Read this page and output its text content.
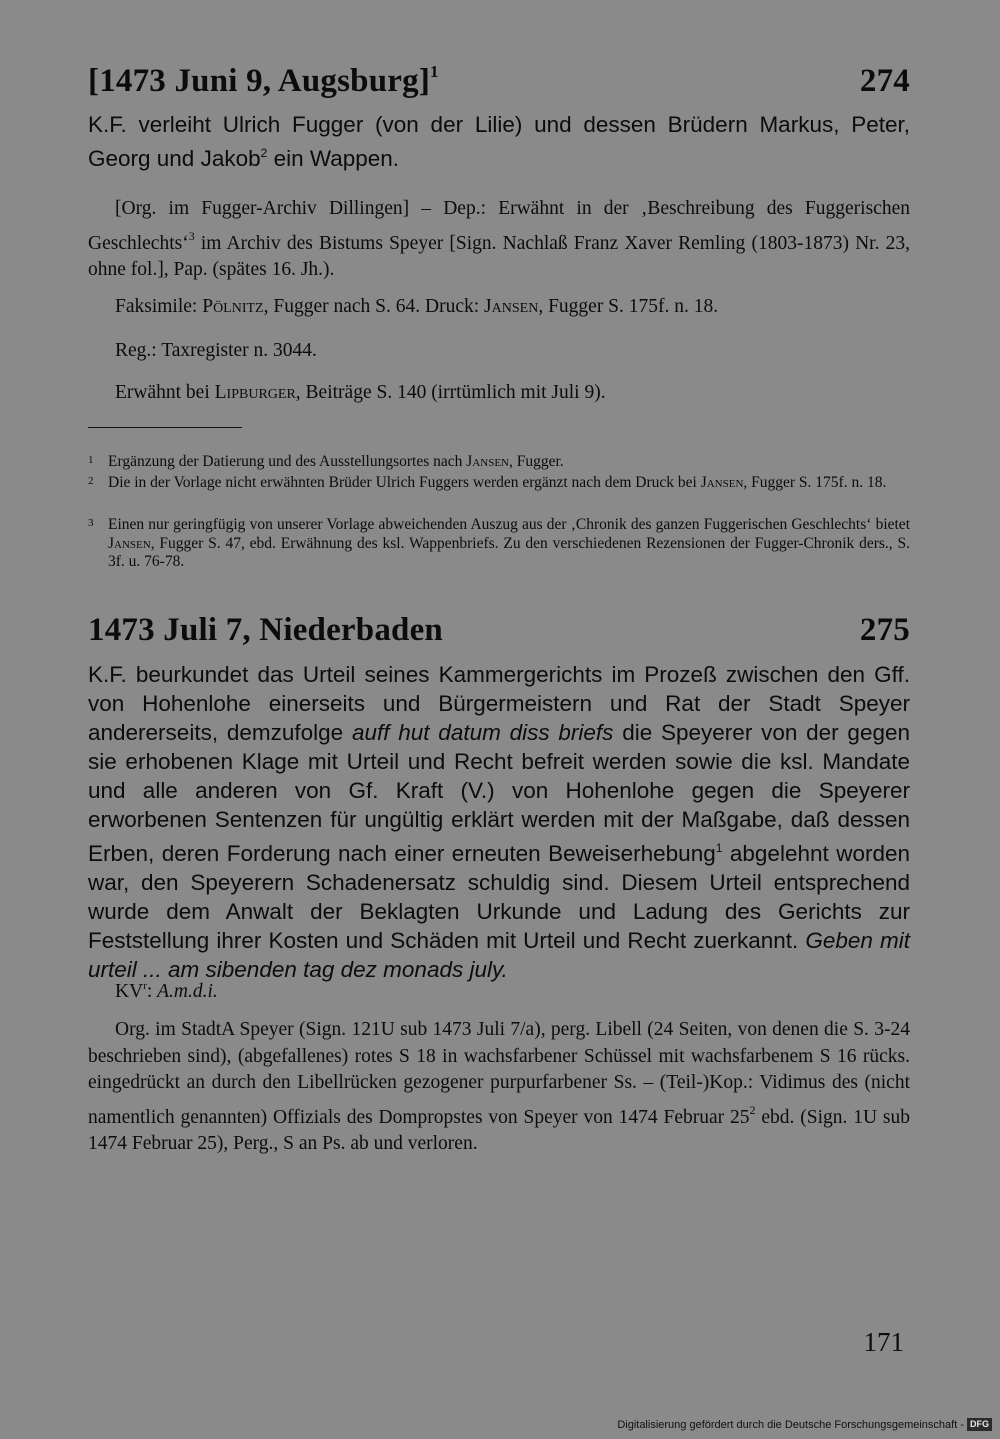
[1473 Juni 9, Augsburg]$^1$	274

K.F. verleiht Ulrich Fugger (von der Lilie) und dessen Brüdern Markus, Peter, Georg und Jakob$^2$ ein Wappen.

[Org. im Fugger-Archiv Dillingen] – Dep.: Erwähnt in der ‚Beschreibung des Fuggerischen Geschlechts‘$^3$ im Archiv des Bistums Speyer [Sign. Nachlaß Franz Xaver Remling (1803-1873) Nr. 23, ohne fol.], Pap. (spätes 16. Jh.).

Faksimile: Pölnitz, Fugger nach S. 64. Druck: Jansen, Fugger S. 175f. n. 18.

Reg.: Taxregister n. 3044.

Erwähnt bei Lipburger, Beiträge S. 140 (irrtümlich mit Juli 9).

1 Ergänzung der Datierung und des Ausstellungsortes nach Jansen, Fugger.
2 Die in der Vorlage nicht erwähnten Brüder Ulrich Fuggers werden ergänzt nach dem Druck bei Jansen, Fugger S. 175f. n. 18.
3 Einen nur geringfügig von unserer Vorlage abweichenden Auszug aus der ‚Chronik des ganzen Fuggerischen Geschlechts‘ bietet Jansen, Fugger S. 47, ebd. Erwähnung des ksl. Wappenbriefs. Zu den verschiedenen Rezensionen der Fugger-Chronik ders., S. 3f. u. 76-78.
1473 Juli 7, Niederbaden	275

K.F. beurkundet das Urteil seines Kammergerichts im Prozeß zwischen den Gff. von Hohenlohe einerseits und Bürgermeistern und Rat der Stadt Speyer andererseits, demzufolge auff hut datum diss briefs die Speyerer von der gegen sie erhobenen Klage mit Urteil und Recht befreit werden sowie die ksl. Mandate und alle anderen von Gf. Kraft (V.) von Hohenlohe gegen die Speyerer erworbenen Sentenzen für ungültig erklärt werden mit der Maßgabe, daß dessen Erben, deren Forderung nach einer erneuten Beweiserhebung$^1$ abgelehnt worden war, den Speyerern Schadenersatz schuldig sind. Diesem Urteil entsprechend wurde dem Anwalt der Beklagten Urkunde und Ladung des Gerichts zur Feststellung ihrer Kosten und Schäden mit Urteil und Recht zuerkannt. Geben mit urteil ... am sibenden tag dez monads july.

$KV^r$: A.m.d.i.

Org. im StadtA Speyer (Sign. 121U sub 1473 Juli 7/a), perg. Libell (24 Seiten, von denen die S. 3-24 beschrieben sind), (abgefallenes) rotes S 18 in wachsfarbener Schüssel mit wachsfarbenem S 16 rücks. eingedrückt an durch den Libellrücken gezogener purpurfarbener Ss. – (Teil-)Kop.: Vidimus des (nicht namentlich genannten) Offizials des Dompropstes von Speyer von 1474 Februar $25^2$ ebd. (Sign. 1U sub 1474 Februar 25), Perg., S an Ps. ab und verloren.

171
Digitalisierung gefördert durch die Deutsche Forschungsgemeinschaft - DFG
